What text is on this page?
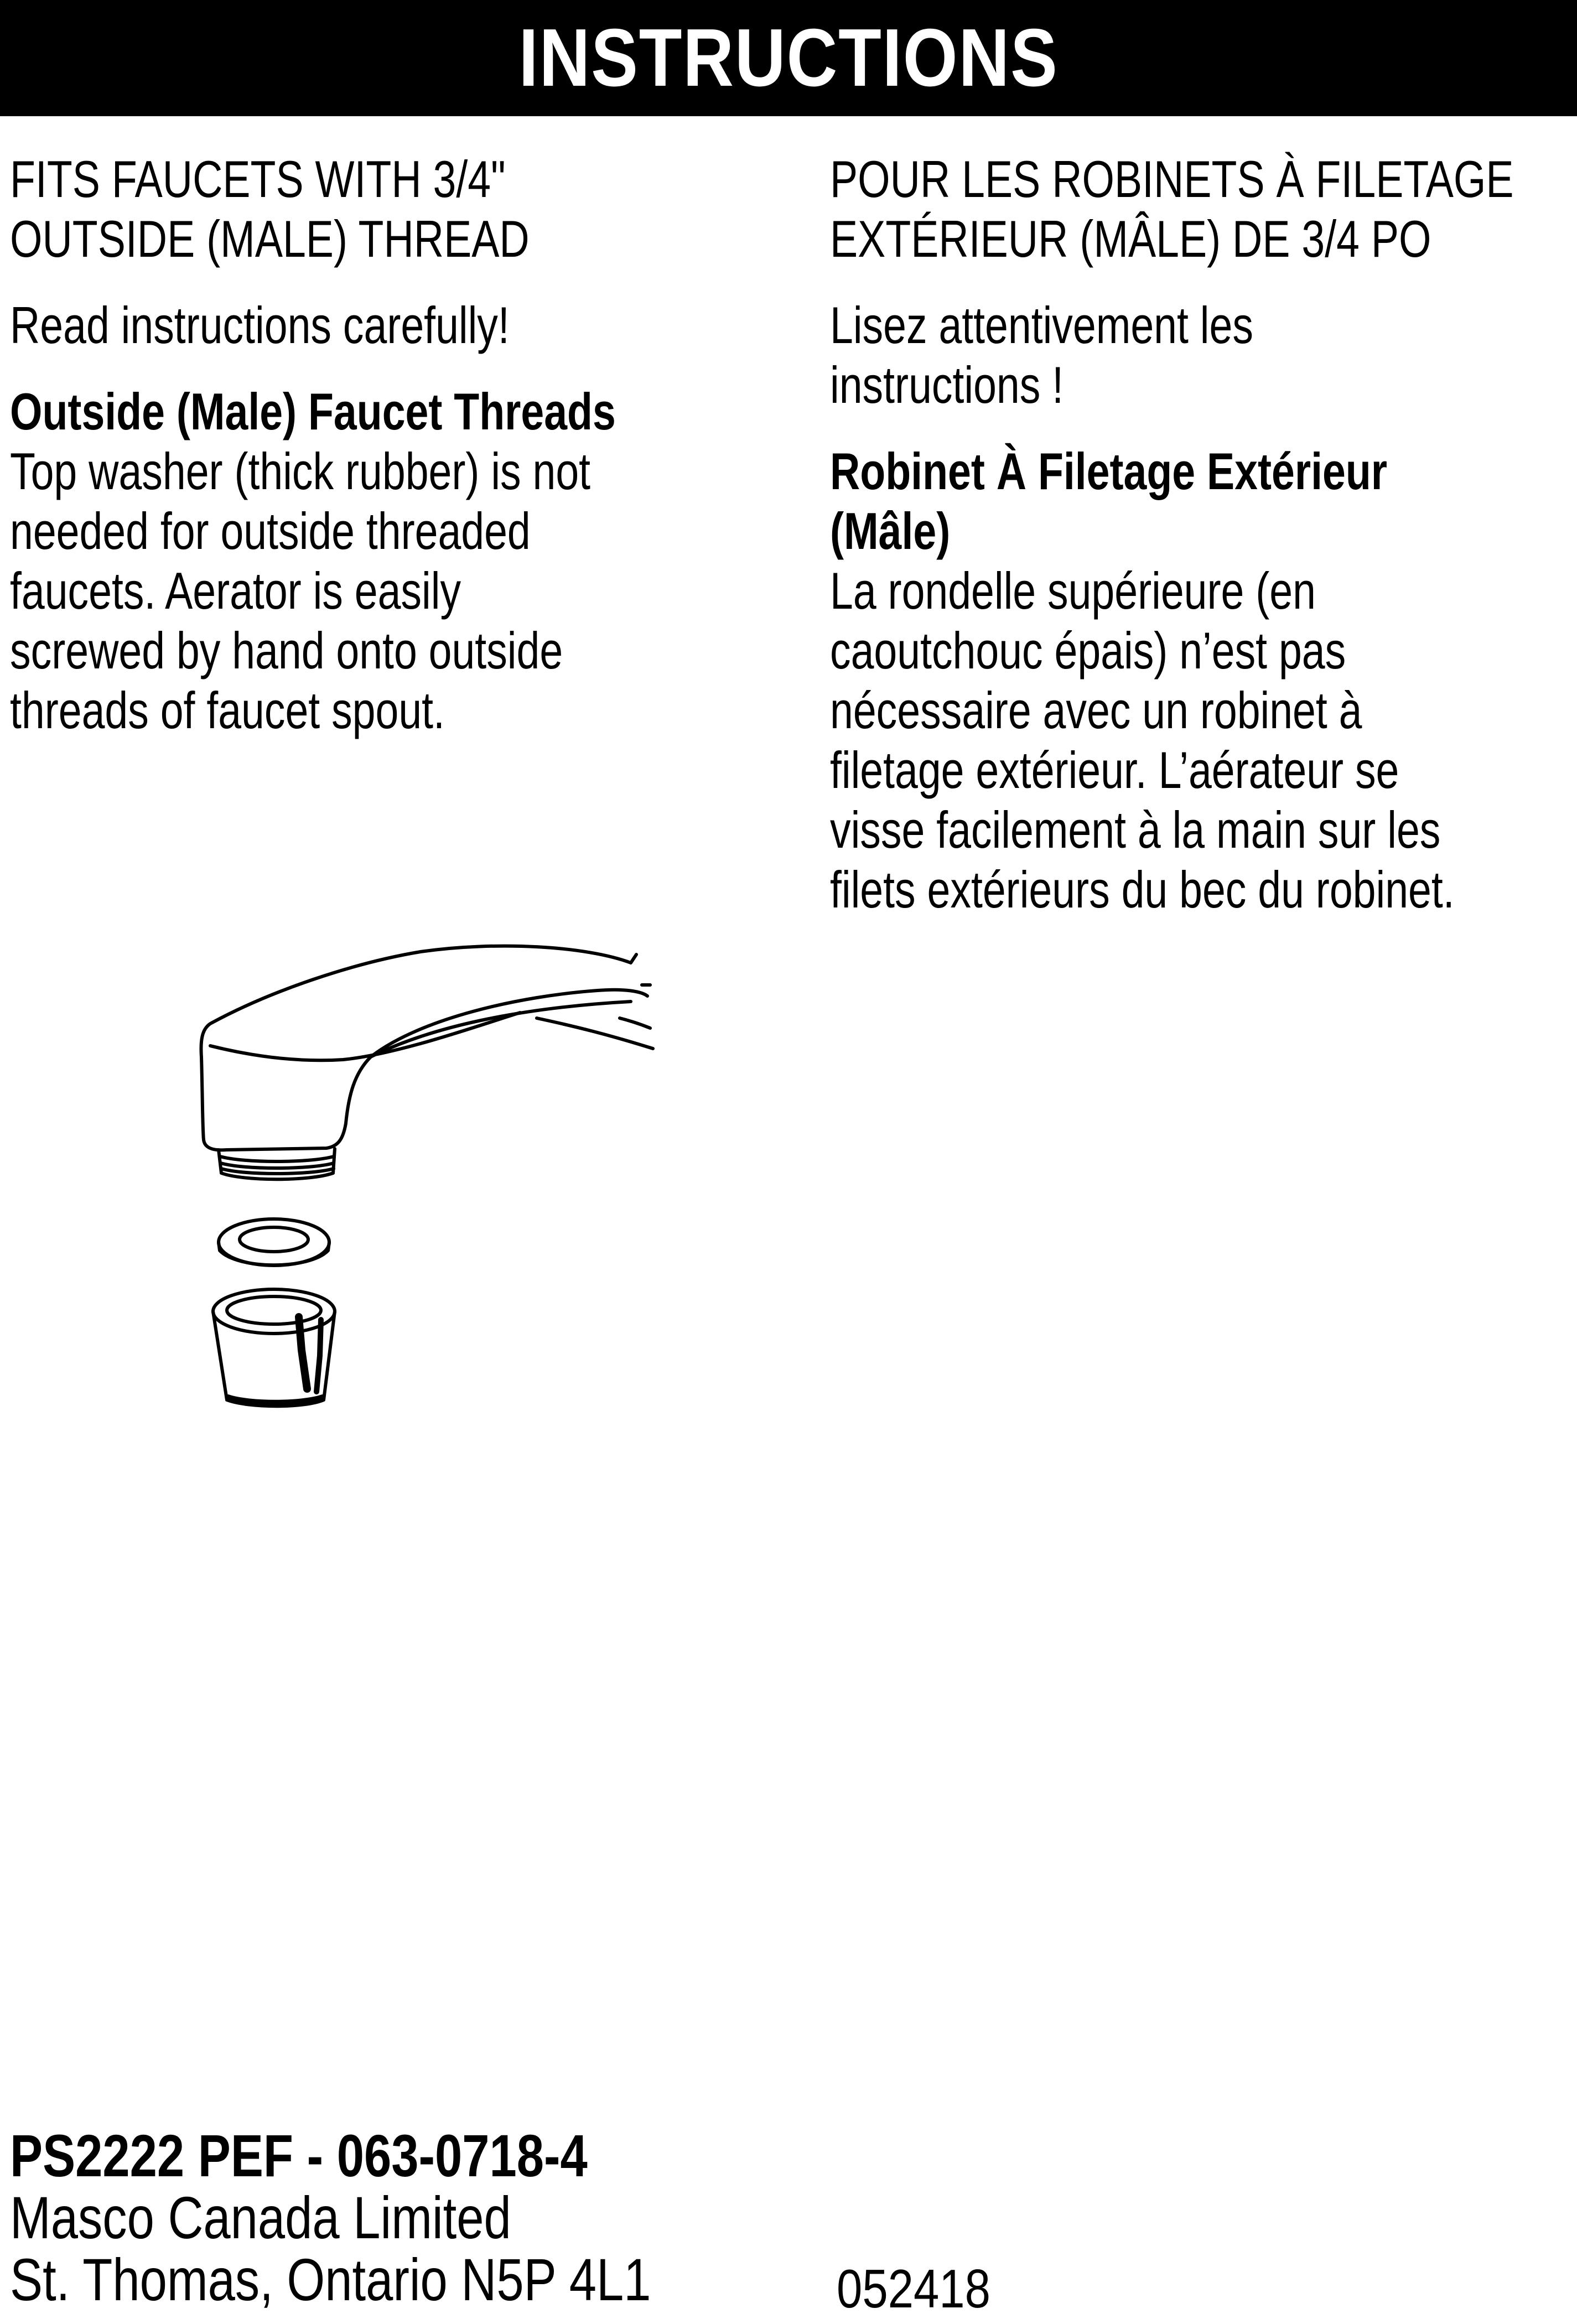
INSTRUCTIONS

FITS FAUCETS WITH 3/4"
OUTSIDE (MALE) THREAD

Read instructions carefully!

Outside (Male) Faucet Threads

Top washer (thick rubber) is not
needed for outside threaded
faucets. Aerator is easily
screwed by hand onto outside
threads of faucet spout.

POUR LES ROBINETS À FILETAGE
EXTÉRIEUR (MÂLE) DE 3/4 PO

Lisez attentivement les
instructions !

Robinet À Filetage Extérieur
(Mâle)

La rondelle supérieure (en
caoutchouc épais) n’est pas
nécessaire avec un robinet à
filetage extérieur. L’aérateur se
visse facilement à la main sur les
filets extérieurs du bec du robinet.

PS2222 PEF - 063-0718-4
Masco Canada Limited
St. Thomas, Ontario N5P 4L1	052418
